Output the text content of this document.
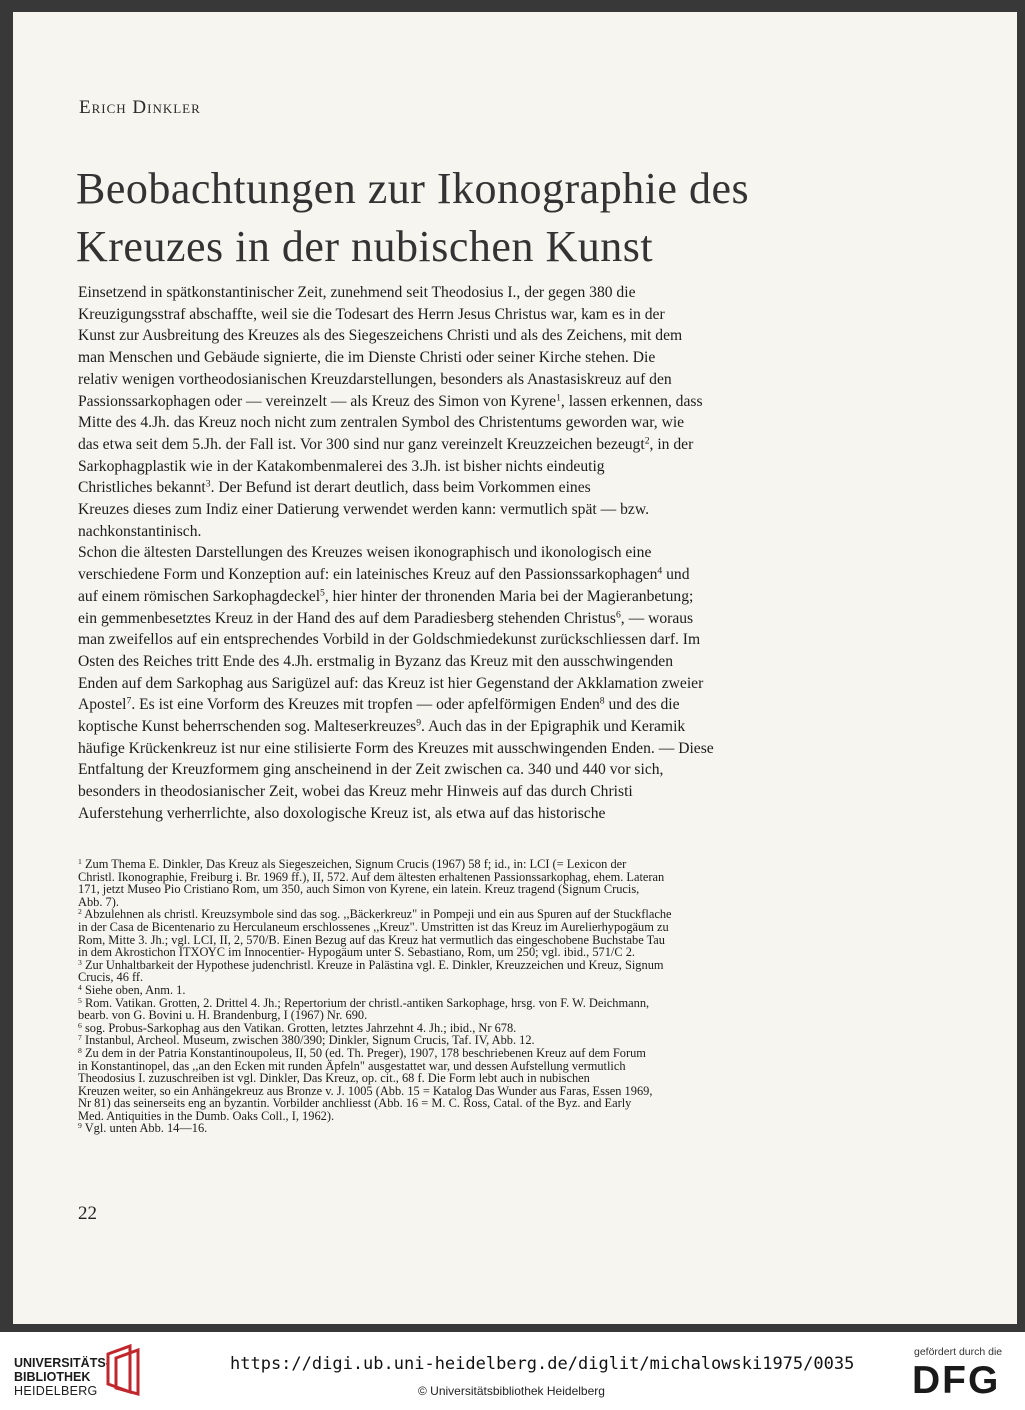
Erich Dinkler
Beobachtungen zur Ikonographie des
Kreuzes in der nubischen Kunst
Einsetzend in spätkonstantinischer Zeit, zunehmend seit Theodosius I., der gegen 380 die
Kreuzigungsstraf abschaffte, weil sie die Todesart des Herrn Jesus Christus war, kam es in der
Kunst zur Ausbreitung des Kreuzes als des Siegeszeichens Christi und als des Zeichens, mit dem
man Menschen und Gebäude signierte, die im Dienste Christi oder seiner Kirche stehen. Die
relativ wenigen vortheodosianischen Kreuzdarstellungen, besonders als Anastasiskreuz auf den
Passionssarkophagen oder — vereinzelt — als Kreuz des Simon von Kyrene$^1$, lassen erkennen, dass
Mitte des 4.Jh. das Kreuz noch nicht zum zentralen Symbol des Christentums geworden war, wie
das etwa seit dem 5.Jh. der Fall ist. Vor 300 sind nur ganz vereinzelt Kreuzzeichen bezeugt$^2$, in der
Sarkophagplastik wie in der Katakombenmalerei des 3.Jh. ist bisher nichts eindeutig
Christliches bekannt$^3$. Der Befund ist derart deutlich, dass beim Vorkommen eines
Kreuzes dieses zum Indiz einer Datierung verwendet werden kann: vermutlich spät — bzw.
nachkonstantinisch.
Schon die ältesten Darstellungen des Kreuzes weisen ikonographisch und ikonologisch eine
verschiedene Form und Konzeption auf: ein lateinisches Kreuz auf den Passionssarkophagen$^4$ und
auf einem römischen Sarkophagdeckel$^5$, hier hinter der thronenden Maria bei der Magieranbetung;
ein gemmenbesetztes Kreuz in der Hand des auf dem Paradiesberg stehenden Christus$^6$, — woraus
man zweifellos auf ein entsprechendes Vorbild in der Goldschmiedekunst zurückschliessen darf. Im
Osten des Reiches tritt Ende des 4.Jh. erstmalig in Byzanz das Kreuz mit den ausschwingenden
Enden auf dem Sarkophag aus Sarigüzel auf: das Kreuz ist hier Gegenstand der Akklamation zweier
Apostel$^7$. Es ist eine Vorform des Kreuzes mit tropfen — oder apfelförmigen Enden$^8$ und des die
koptische Kunst beherrschenden sog. Malteserkreuzes$^9$. Auch das in der Epigraphik und Keramik
häufige Krückenkreuz ist nur eine stilisierte Form des Kreuzes mit ausschwingenden Enden. — Diese
Entfaltung der Kreuzformem ging anscheinend in der Zeit zwischen ca. 340 und 440 vor sich,
besonders in theodosianischer Zeit, wobei das Kreuz mehr Hinweis auf das durch Christi
Auferstehung verherrlichte, also doxologische Kreuz ist, als etwa auf das historische
$^1$ Zum Thema E. Dinkler, Das Kreuz als Siegeszeichen, Signum Crucis (1967) 58 f; id., in: LCI (= Lexicon der
Christl. Ikonographie, Freiburg i. Br. 1969 ff.), II, 572. Auf dem ältesten erhaltenen Passionssarkophag, ehem. Lateran
171, jetzt Museo Pio Cristiano Rom, um 350, auch Simon von Kyrene, ein latein. Kreuz tragend (Signum Crucis,
Abb. 7).
$^2$ Abzulehnen als christl. Kreuzsymbole sind das sog. ,,Bäckerkreuz" in Pompeji und ein aus Spuren auf der Stuckflache
in der Casa de Bicentenario zu Herculaneum erschlossenes ,,Kreuz". Umstritten ist das Kreuz im Aurelierhypogäum zu
Rom, Mitte 3. Jh.; vgl. LCI, II, 2, 570/B. Einen Bezug auf das Kreuz hat vermutlich das eingeschobene Buchstabe Tau
in dem Akrostichon ΙΤΧΟΥC im Innocentier- Hypogäum unter S. Sebastiano, Rom, um 250; vgl. ibid., 571/C 2.
$^3$ Zur Unhaltbarkeit der Hypothese judenchristl. Kreuze in Palästina vgl. E. Dinkler, Kreuzzeichen und Kreuz, Signum
Crucis, 46 ff.
$^4$ Siehe oben, Anm. 1.
$^5$ Rom. Vatikan. Grotten, 2. Drittel 4. Jh.; Repertorium der christl.-antiken Sarkophage, hrsg. von F. W. Deichmann,
bearb. von G. Bovini u. H. Brandenburg, I (1967) Nr. 690.
$^6$ sog. Probus-Sarkophag aus den Vatikan. Grotten, letztes Jahrzehnt 4. Jh.; ibid., Nr 678.
$^7$ Instanbul, Archeol. Museum, zwischen 380/390; Dinkler, Signum Crucis, Taf. IV, Abb. 12.
$^8$ Zu dem in der Patria Konstantinoupoleus, II, 50 (ed. Th. Preger), 1907, 178 beschriebenen Kreuz auf dem Forum
in Konstantinopel, das ,,an den Ecken mit runden Äpfeln" ausgestattet war, und dessen Aufstellung vermutlich
Theodosius I. zuzuschreiben ist vgl. Dinkler, Das Kreuz, op. cit., 68 f. Die Form lebt auch in nubischen
Kreuzen weiter, so ein Anhängekreuz aus Bronze v. J. 1005 (Abb. 15 = Katalog Das Wunder aus Faras, Essen 1969,
Nr 81) das seinerseits eng an byzantin. Vorbilder anchliesst (Abb. 16 = M. C. Ross, Catal. of the Byz. and Early
Med. Antiquities in the Dumb. Oaks Coll., I, 1962).
$^9$ Vgl. unten Abb. 14—16.
22
UNIVERSITÄTS-
BIBLIOTHEK
HEIDELBERG
https://digi.ub.uni-heidelberg.de/diglit/michalowski1975/0035
© Universitätsbibliothek Heidelberg
gefördert durch die
DFG
